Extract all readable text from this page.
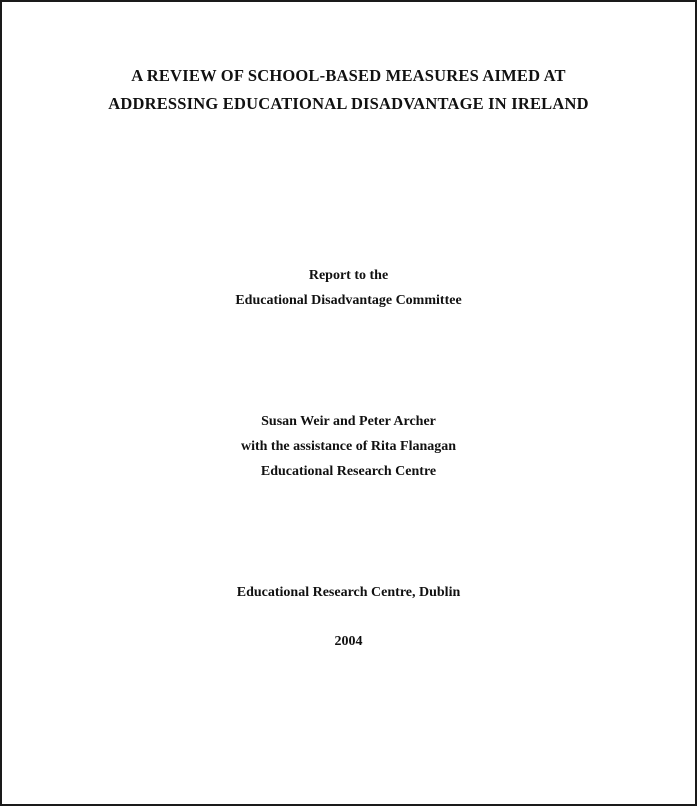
A REVIEW OF SCHOOL-BASED MEASURES AIMED AT
ADDRESSING EDUCATIONAL DISADVANTAGE IN IRELAND
Report to the
Educational Disadvantage Committee
Susan Weir and Peter Archer
with the assistance of Rita Flanagan
Educational Research Centre
Educational Research Centre, Dublin
2004
